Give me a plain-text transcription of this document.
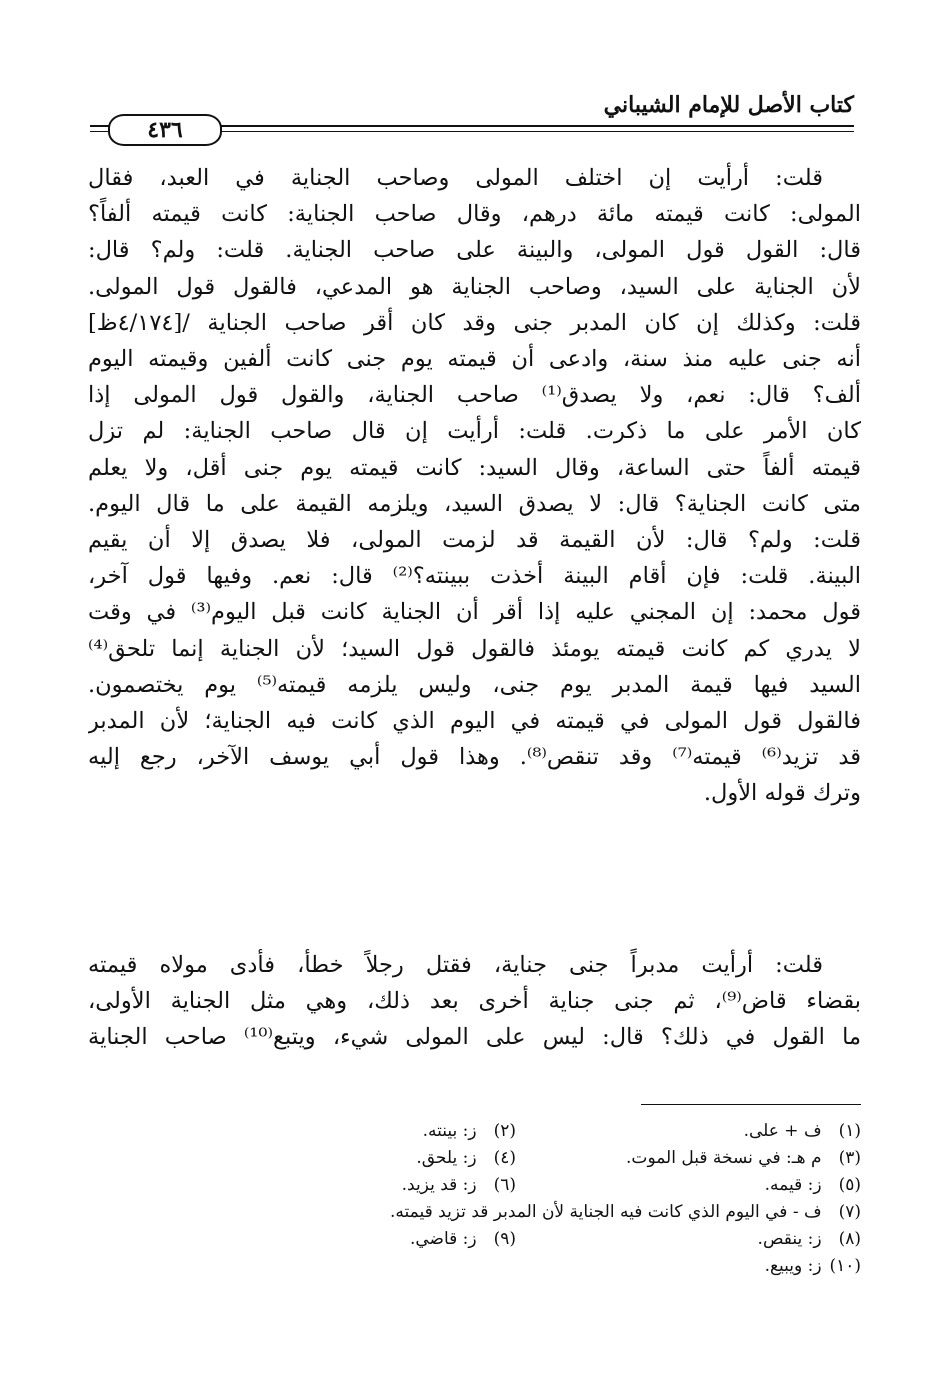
كتاب الأصل للإمام الشيباني
٤٣٦
قلت: أرأيت إن اختلف المولى وصاحب الجناية في العبد، فقال
المولى: كانت قيمته مائة درهم، وقال صاحب الجناية: كانت قيمته ألفاً؟
قال: القول قول المولى، والبينة على صاحب الجناية. قلت: ولم؟ قال:
لأن الجناية على السيد، وصاحب الجناية هو المدعي، فالقول قول المولى.
قلت: وكذلك إن كان المدبر جنى وقد كان أقر صاحب الجناية /[٤/١٧٤ظ]
أنه جنى عليه منذ سنة، وادعى أن قيمته يوم جنى كانت ألفين وقيمته اليوم
ألف؟ قال: نعم، ولا يصدق⁽¹⁾ صاحب الجناية، والقول قول المولى إذا
كان الأمر على ما ذكرت. قلت: أرأيت إن قال صاحب الجناية: لم تزل
قيمته ألفاً حتى الساعة، وقال السيد: كانت قيمته يوم جنى أقل، ولا يعلم
متى كانت الجناية؟ قال: لا يصدق السيد، ويلزمه القيمة على ما قال اليوم.
قلت: ولم؟ قال: لأن القيمة قد لزمت المولى، فلا يصدق إلا أن يقيم
البينة. قلت: فإن أقام البينة أخذت ببينته؟⁽²⁾ قال: نعم. وفيها قول آخر،
قول محمد: إن المجني عليه إذا أقر أن الجناية كانت قبل اليوم⁽³⁾ في وقت
لا يدري كم كانت قيمته يومئذ فالقول قول السيد؛ لأن الجناية إنما تلحق⁽⁴⁾
السيد فيها قيمة المدبر يوم جنى، وليس يلزمه قيمته⁽⁵⁾ يوم يختصمون.
فالقول قول المولى في قيمته في اليوم الذي كانت فيه الجناية؛ لأن المدبر
قد تزيد⁽⁶⁾ قيمته⁽⁷⁾ وقد تنقص⁽⁸⁾. وهذا قول أبي يوسف الآخر، رجع إليه
وترك قوله الأول.
قلت: أرأيت مدبراً جنى جناية، فقتل رجلاً خطأ، فأدى مولاه قيمته
بقضاء قاض⁽⁹⁾، ثم جنى جناية أخرى بعد ذلك، وهي مثل الجناية الأولى،
ما القول في ذلك؟ قال: ليس على المولى شيء، ويتبع⁽¹⁰⁾ صاحب الجناية
(١) ف + على.
(٢) ز: بينته.
(٣) م هـ: في نسخة قبل الموت.
(٤) ز: يلحق.
(٥) ز: قيمه.
(٦) ز: قد يزيد.
(٧) ف - في اليوم الذي كانت فيه الجناية لأن المدبر قد تزيد قيمته.
(٨) ز: ينقص.
(٩) ز: قاضي.
(١٠) ز: ويبيع.
